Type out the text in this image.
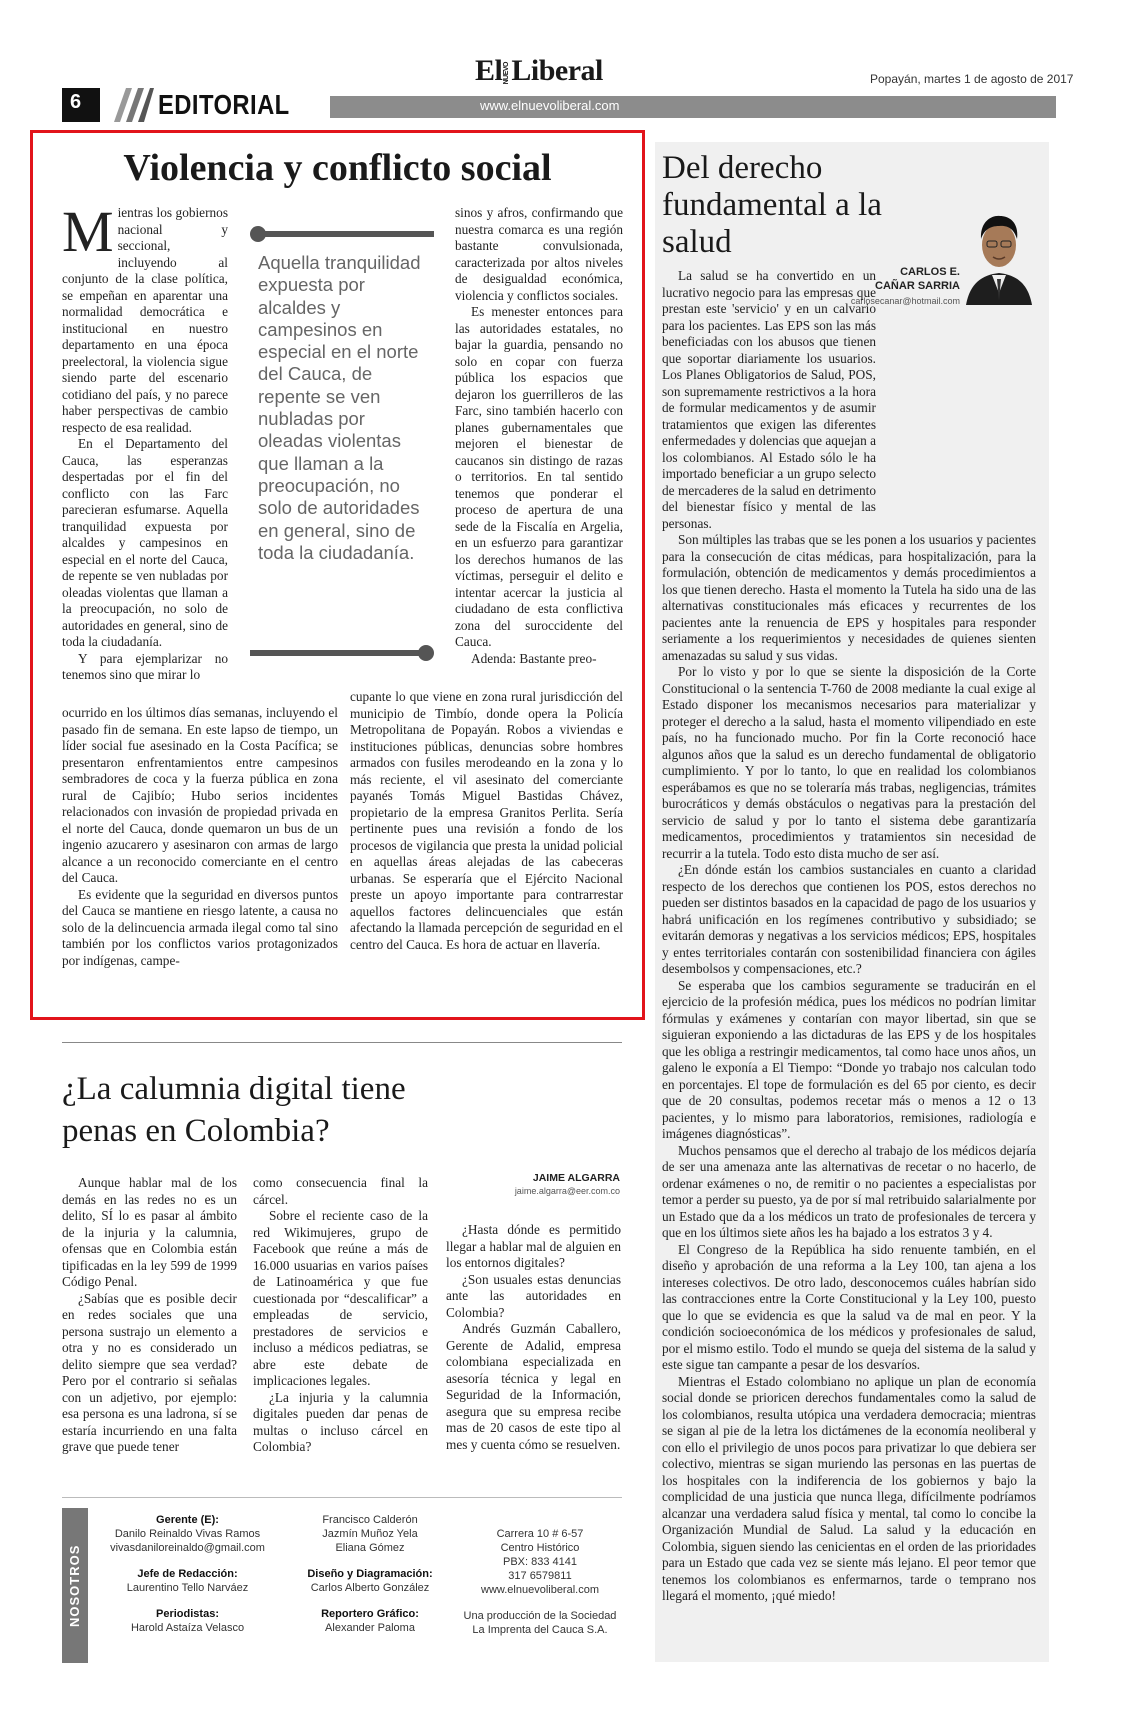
6	EDITORIAL	www.elnuevoliberal.com
ElNUEVOLiberal	Popayán, martes 1 de agosto de 2017
Violencia y conflicto social

Mientras los gobiernos nacional y seccional, incluyendo al conjunto de la clase política, se empeñan en aparentar una normalidad democrática e institucional en nuestro departamento en una época preelectoral, la violencia sigue siendo parte del escenario cotidiano del país, y no parece haber perspectivas de cambio respecto de esa realidad.

En el Departamento del Cauca, las esperanzas despertadas por el fin del conflicto con las Farc parecieran esfumarse. Aquella tranquilidad expuesta por alcaldes y campesinos en especial en el norte del Cauca, de repente se ven nubladas por oleadas violentas que llaman a la preocupación, no solo de autoridades en general, sino de toda la ciudadanía.

Y para ejemplarizar no tenemos sino que mirar lo

Aquella tranquilidad expuesta por alcaldes y campesinos en especial en el norte del Cauca, de repente se ven nubladas por oleadas violentas que llaman a la preocupación, no solo de autoridades en general, sino de toda la ciudadanía.

sinos y afros, confirmando que nuestra comarca es una región bastante convulsionada, caracterizada por altos niveles de desigualdad económica, violencia y conflictos sociales.

Es menester entonces para las autoridades estatales, no bajar la guardia, pensando no solo en copar con fuerza pública los espacios que dejaron los guerrilleros de las Farc, sino también hacerlo con planes gubernamentales que mejoren el bienestar de caucanos sin distingo de razas o territorios. En tal sentido tenemos que ponderar el proceso de apertura de una sede de la Fiscalía en Argelia, en un esfuerzo para garantizar los derechos humanos de las víctimas, perseguir el delito e intentar acercar la justicia al ciudadano de esta conflictiva zona del suroccidente del Cauca.

Adenda: Bastante preo-

ocurrido en los últimos días semanas, incluyendo el pasado fin de semana. En este lapso de tiempo, un líder social fue asesinado en la Costa Pacífica; se presentaron enfrentamientos entre campesinos sembradores de coca y la fuerza pública en zona rural de Cajibío; Hubo serios incidentes relacionados con invasión de propiedad privada en el norte del Cauca, donde quemaron un bus de un ingenio azucarero y asesinaron con armas de largo alcance a un reconocido comerciante en el centro del Cauca.

Es evidente que la seguridad en diversos puntos del Cauca se mantiene en riesgo latente, a causa no solo de la delincuencia armada ilegal como tal sino también por los conflictos varios protagonizados por indígenas, campe-

cupante lo que viene en zona rural jurisdicción del municipio de Timbío, donde opera la Policía Metropolitana de Popayán. Robos a viviendas e instituciones públicas, denuncias sobre hombres armados con fusiles merodeando en la zona y lo más reciente, el vil asesinato del comerciante payanés Tomás Miguel Bastidas Chávez, propietario de la empresa Granitos Perlita. Sería pertinente pues una revisión a fondo de los procesos de vigilancia que presta la unidad policial en aquellas áreas alejadas de las cabeceras urbanas. Se esperaría que el Ejército Nacional preste un apoyo importante para contrarrestar aquellos factores delincuenciales que están afectando la llamada percepción de seguridad en el centro del Cauca. Es hora de actuar en llavería.

Del derecho fundamental a la salud
CARLOS E. CAÑAR SARRIA
carlosecanar@hotmail.com

La salud se ha convertido en un lucrativo negocio para las empresas que prestan este 'servicio' y en un calvario para los pacientes. Las EPS son las más beneficiadas con los abusos que tienen que soportar diariamente los usuarios. Los Planes Obligatorios de Salud, POS, son supremamente restrictivos a la hora de formular medicamentos y de asumir tratamientos que exigen las diferentes enfermedades y dolencias que aquejan a los colombianos. Al Estado sólo le ha importado beneficiar a un grupo selecto de mercaderes de la salud en detrimento del bienestar físico y mental de las personas.

Son múltiples las trabas que se les ponen a los usuarios y pacientes para la consecución de citas médicas, para hospitalización, para la formulación, obtención de medicamentos y demás procedimientos a los que tienen derecho. Hasta el momento la Tutela ha sido una de las alternativas constitucionales más eficaces y recurrentes de los pacientes ante la renuencia de EPS y hospitales para responder seriamente a los requerimientos y necesidades de quienes sienten amenazadas su salud y sus vidas.

Por lo visto y por lo que se siente la disposición de la Corte Constitucional o la sentencia T-760 de 2008 mediante la cual exige al Estado disponer los mecanismos necesarios para materializar y proteger el derecho a la salud, hasta el momento vilipendiado en este país, no ha funcionado mucho. Por fin la Corte reconoció hace algunos años que la salud es un derecho fundamental de obligatorio cumplimiento. Y por lo tanto, lo que en realidad los colombianos esperábamos es que no se toleraría más trabas, negligencias, trámites burocráticos y demás obstáculos o negativas para la prestación del servicio de salud y por lo tanto el sistema debe garantizaría medicamentos, procedimientos y tratamientos sin necesidad de recurrir a la tutela. Todo esto dista mucho de ser así.

¿En dónde están los cambios sustanciales en cuanto a claridad respecto de los derechos que contienen los POS, estos derechos no pueden ser distintos basados en la capacidad de pago de los usuarios y habrá unificación en los regímenes contributivo y subsidiado; se evitarán demoras y negativas a los servicios médicos; EPS, hospitales y entes territoriales contarán con sostenibilidad financiera con ágiles desembolsos y compensaciones, etc.?

Se esperaba que los cambios seguramente se traducirán en el ejercicio de la profesión médica, pues los médicos no podrían limitar fórmulas y exámenes y contarían con mayor libertad, sin que se siguieran exponiendo a las dictaduras de las EPS y de los hospitales que les obliga a restringir medicamentos, tal como hace unos años, un galeno le exponía a El Tiempo: “Donde yo trabajo nos calculan todo en porcentajes. El tope de formulación es del 65 por ciento, es decir que de 20 consultas, podemos recetar más o menos a 12 o 13 pacientes, y lo mismo para laboratorios, remisiones, radiología e imágenes diagnósticas”.

Muchos pensamos que el derecho al trabajo de los médicos dejaría de ser una amenaza ante las alternativas de recetar o no hacerlo, de ordenar exámenes o no, de remitir o no pacientes a especialistas por temor a perder su puesto, ya de por sí mal retribuido salarialmente por un Estado que da a los médicos un trato de profesionales de tercera y que en los últimos siete años les ha bajado a los estratos 3 y 4.

El Congreso de la República ha sido renuente también, en el diseño y aprobación de una reforma a la Ley 100, tan ajena a los intereses colectivos. De otro lado, desconocemos cuáles habrían sido las contracciones entre la Corte Constitucional y la Ley 100, puesto que lo que se evidencia es que la salud va de mal en peor. Y la condición socioeconómica de los médicos y profesionales de salud, por el mismo estilo. Todo el mundo se queja del sistema de la salud y este sigue tan campante a pesar de los desvaríos.

Mientras el Estado colombiano no aplique un plan de economía social donde se prioricen derechos fundamentales como la salud de los colombianos, resulta utópica una verdadera democracia; mientras se sigan al pie de la letra los dictámenes de la economía neoliberal y con ello el privilegio de unos pocos para privatizar lo que debiera ser colectivo, mientras se sigan muriendo las personas en las puertas de los hospitales con la indiferencia de los gobiernos y bajo la complicidad de una justicia que nunca llega, difícilmente podríamos alcanzar una verdadera salud física y mental, tal como lo concibe la Organización Mundial de Salud. La salud y la educación en Colombia, siguen siendo las cenicientas en el orden de las prioridades para un Estado que cada vez se siente más lejano. El peor temor que tenemos los colombianos es enfermarnos, tarde o temprano nos llegará el momento, ¡qué miedo!

¿La calumnia digital tiene penas en Colombia?
JAIME ALGARRA
jaime.algarra@eer.com.co

Aunque hablar mal de los demás en las redes no es un delito, SÍ lo es pasar al ámbito de la injuria y la calumnia, ofensas que en Colombia están tipificadas en la ley 599 de 1999 Código Penal.

¿Sabías que es posible decir en redes sociales que una persona sustrajo un elemento a otra y no es considerado un delito siempre que sea verdad? Pero por el contrario si señalas con un adjetivo, por ejemplo: esa persona es una ladrona, sí se estaría incurriendo en una falta grave que puede tener

como consecuencia final la cárcel.

Sobre el reciente caso de la red Wikimujeres, grupo de Facebook que reúne a más de 16.000 usuarias en varios países de Latinoamérica y que fue cuestionada por “descalificar” a empleadas de servicio, prestadores de servicios e incluso a médicos pediatras, se abre este debate de implicaciones legales.

¿La injuria y la calumnia digitales pueden dar penas de multas o incluso cárcel en Colombia?

¿Hasta dónde es permitido llegar a hablar mal de alguien en los entornos digitales?

¿Son usuales estas denuncias ante las autoridades en Colombia?

Andrés Guzmán Caballero, Gerente de Adalid, empresa colombiana especializada en asesoría técnica y legal en Seguridad de la Información, asegura que su empresa recibe mas de 20 casos de este tipo al mes y cuenta cómo se resuelven.

NOSOTROS
Gerente (E):
Danilo Reinaldo Vivas Ramos
vivasdaniloreinaldo@gmail.com
Jefe de Redacción:
Laurentino Tello Narváez
Periodistas:
Harold Astaíza Velasco
Francisco Calderón
Jazmín Muñoz Yela
Eliana Gómez
Diseño y Diagramación:
Carlos Alberto González
Reportero Gráfico:
Alexander Paloma
Carrera 10 # 6-57
Centro Histórico
PBX: 833 4141
317 6579811
www.elnuevoliberal.com
Una producción de la Sociedad
La Imprenta del Cauca S.A.
